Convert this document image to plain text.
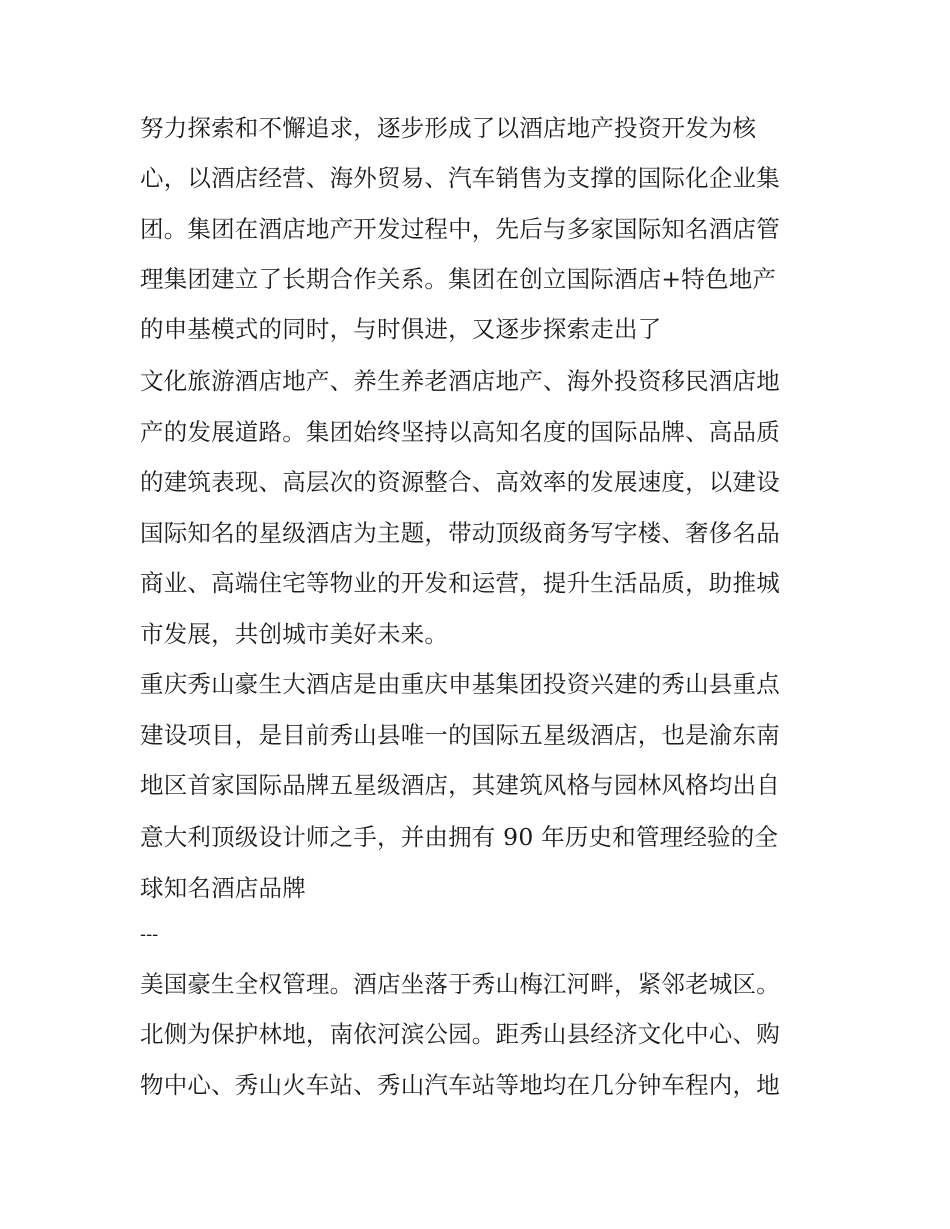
努力探索和不懈追求，逐步形成了以酒店地产投资开发为核
心，以酒店经营、海外贸易、汽车销售为支撑的国际化企业集
团。集团在酒店地产开发过程中，先后与多家国际知名酒店管
理集团建立了长期合作关系。集团在创立国际酒店+特色地产
的申基模式的同时，与时俱进，又逐步探索走出了
文化旅游酒店地产、养生养老酒店地产、海外投资移民酒店地
产的发展道路。集团始终坚持以高知名度的国际品牌、高品质
的建筑表现、高层次的资源整合、高效率的发展速度，以建设
国际知名的星级酒店为主题，带动顶级商务写字楼、奢侈名品
商业、高端住宅等物业的开发和运营，提升生活品质，助推城
市发展，共创城市美好未来。
重庆秀山豪生大酒店是由重庆申基集团投资兴建的秀山县重点
建设项目，是目前秀山县唯一的国际五星级酒店，也是渝东南
地区首家国际品牌五星级酒店，其建筑风格与园林风格均出自
意大利顶级设计师之手，并由拥有 90 年历史和管理经验的全
球知名酒店品牌
---
美国豪生全权管理。酒店坐落于秀山梅江河畔，紧邻老城区。
北侧为保护林地，南依河滨公园。距秀山县经济文化中心、购
物中心、秀山火车站、秀山汽车站等地均在几分钟车程内，地
